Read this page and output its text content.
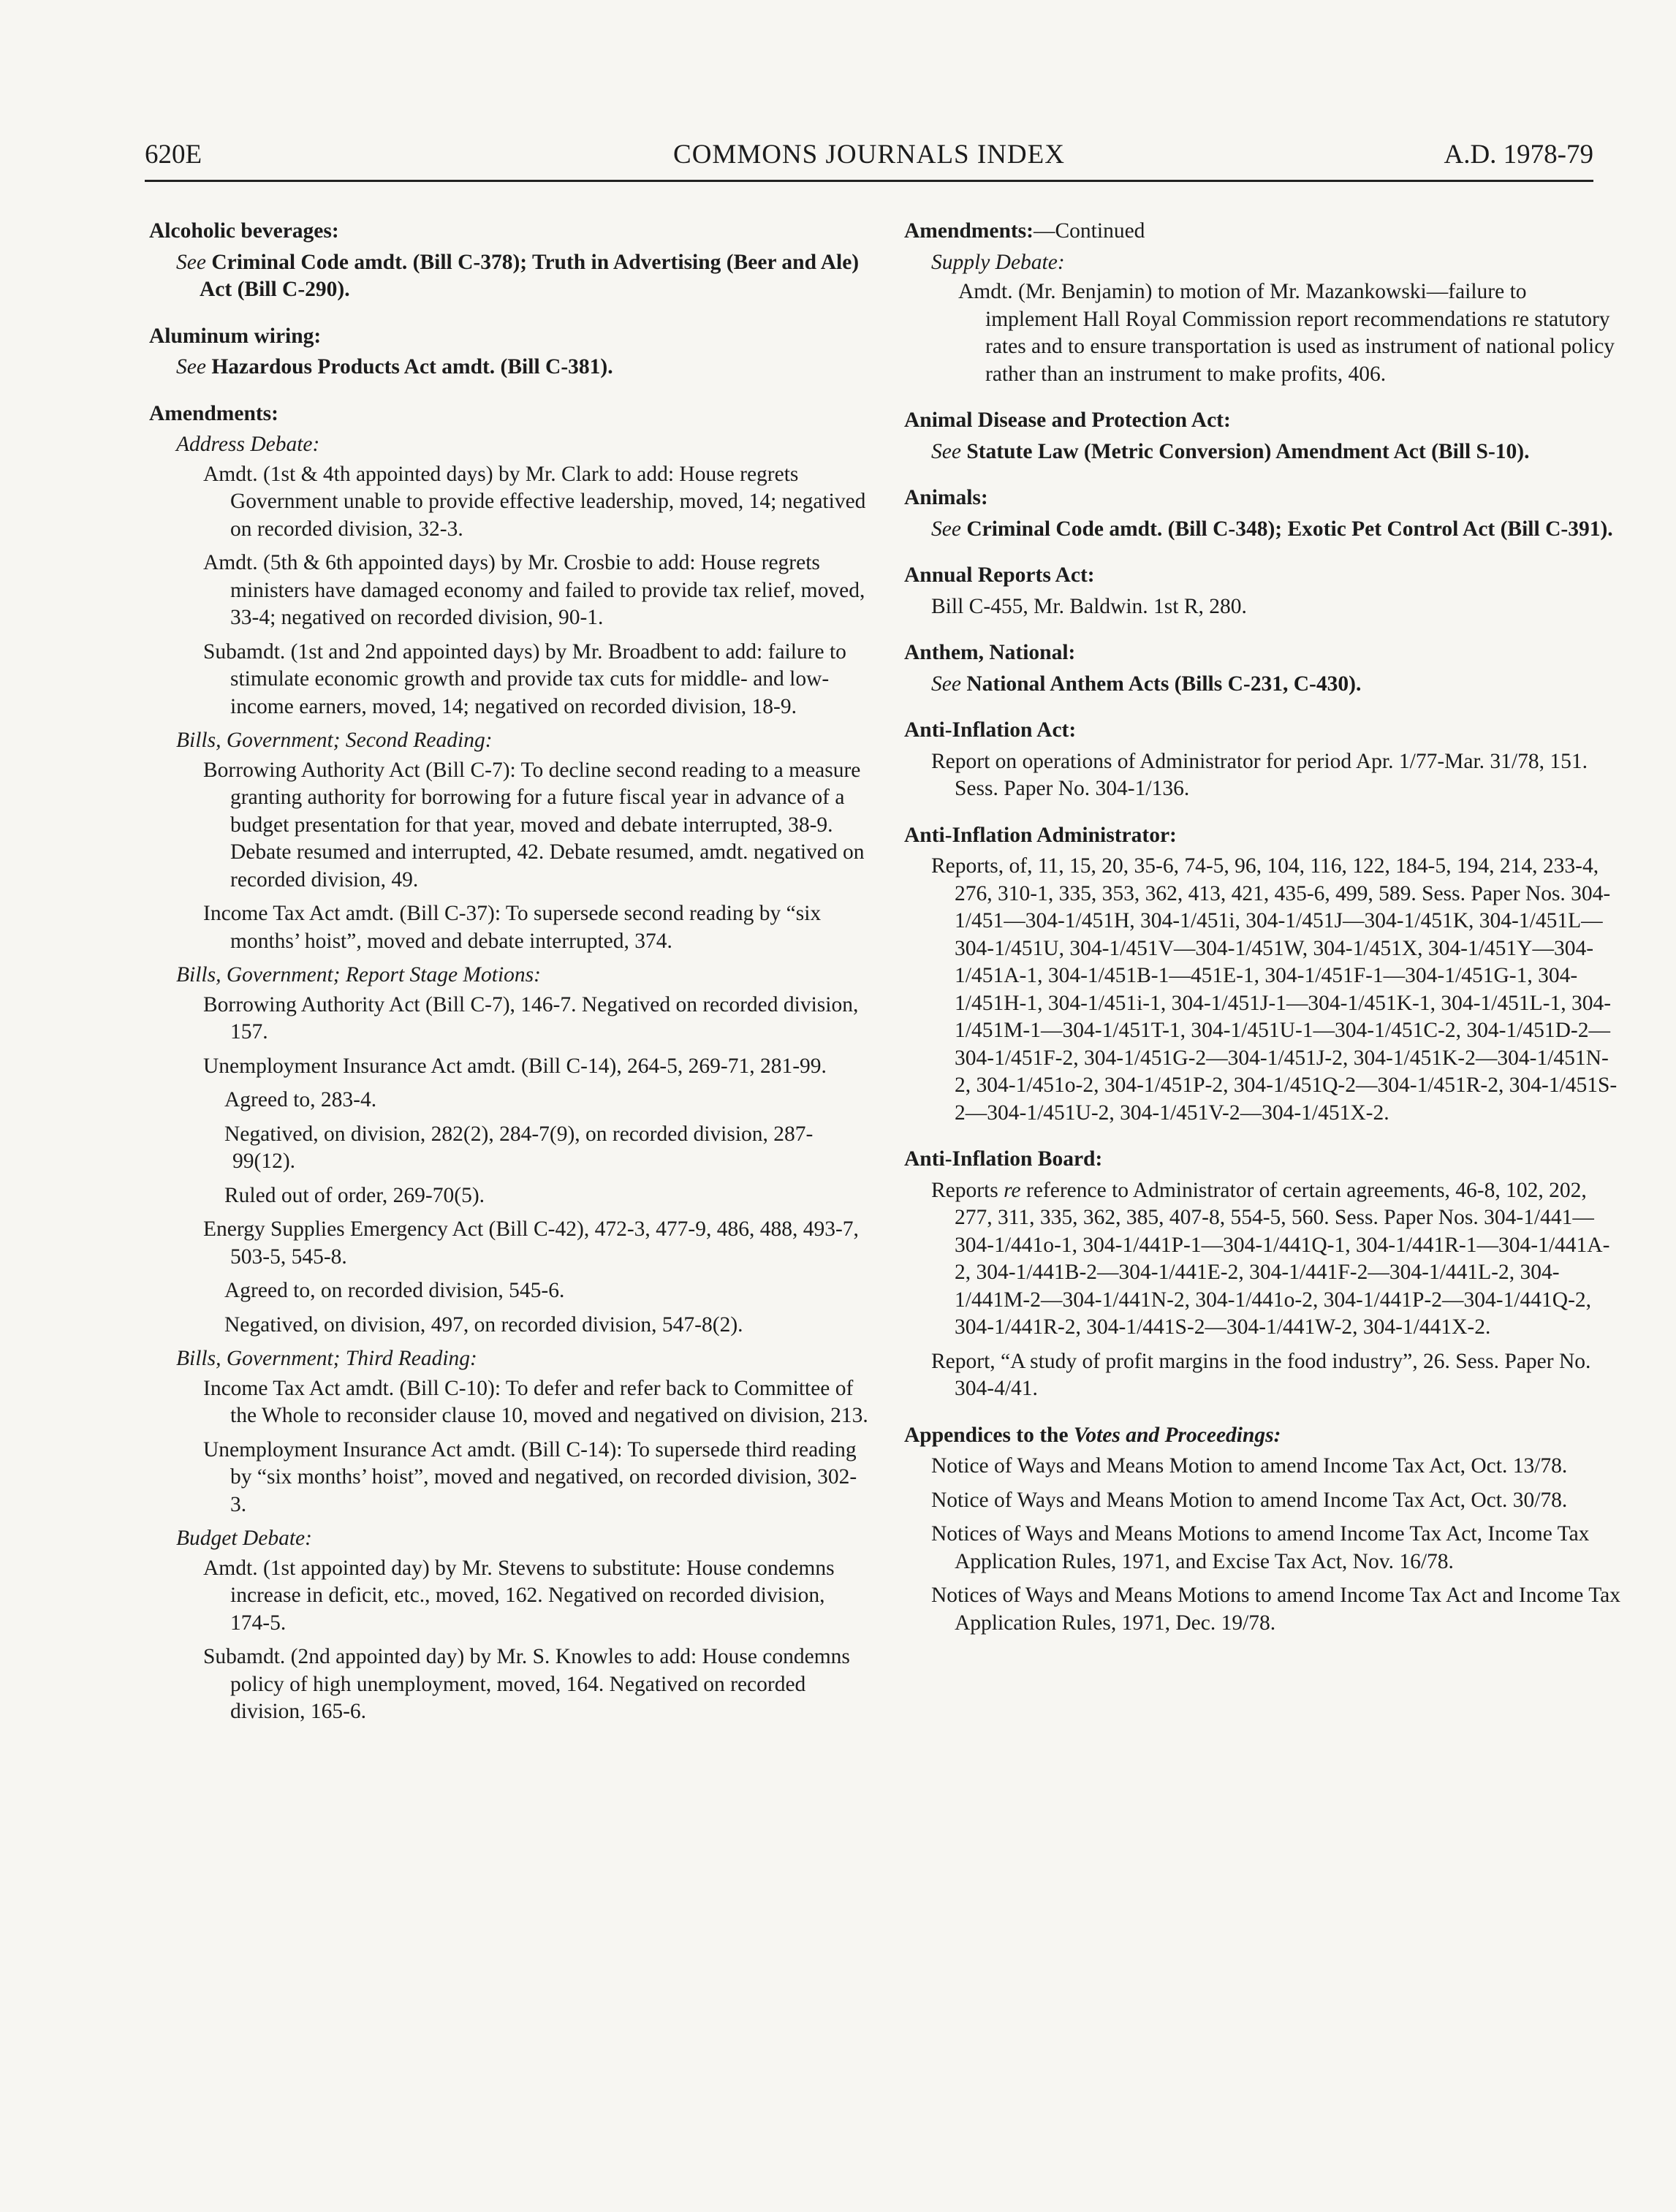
620E	COMMONS JOURNALS INDEX	A.D. 1978-79
Alcoholic beverages:
See Criminal Code amdt. (Bill C-378); Truth in Advertising (Beer and Ale) Act (Bill C-290).
Aluminum wiring:
See Hazardous Products Act amdt. (Bill C-381).
Amendments:
Address Debate:
Amdt. (1st & 4th appointed days) by Mr. Clark to add: House regrets Government unable to provide effective leadership, moved, 14; negatived on recorded division, 32-3.
Amdt. (5th & 6th appointed days) by Mr. Crosbie to add: House regrets ministers have damaged economy and failed to provide tax relief, moved, 33-4; negatived on recorded division, 90-1.
Subamdt. (1st and 2nd appointed days) by Mr. Broadbent to add: failure to stimulate economic growth and provide tax cuts for middle- and low-income earners, moved, 14; negatived on recorded division, 18-9.
Bills, Government; Second Reading:
Borrowing Authority Act (Bill C-7): To decline second reading to a measure granting authority for borrowing for a future fiscal year in advance of a budget presentation for that year, moved and debate interrupted, 38-9. Debate resumed and interrupted, 42. Debate resumed, amdt. negatived on recorded division, 49.
Income Tax Act amdt. (Bill C-37): To supersede second reading by “six months’ hoist”, moved and debate interrupted, 374.
Bills, Government; Report Stage Motions:
Borrowing Authority Act (Bill C-7), 146-7. Negatived on recorded division, 157.
Unemployment Insurance Act amdt. (Bill C-14), 264-5, 269-71, 281-99.
Agreed to, 283-4.
Negatived, on division, 282(2), 284-7(9), on recorded division, 287-99(12).
Ruled out of order, 269-70(5).
Energy Supplies Emergency Act (Bill C-42), 472-3, 477-9, 486, 488, 493-7, 503-5, 545-8.
Agreed to, on recorded division, 545-6.
Negatived, on division, 497, on recorded division, 547-8(2).
Bills, Government; Third Reading:
Income Tax Act amdt. (Bill C-10): To defer and refer back to Committee of the Whole to reconsider clause 10, moved and negatived on division, 213.
Unemployment Insurance Act amdt. (Bill C-14): To supersede third reading by “six months’ hoist”, moved and negatived, on recorded division, 302-3.
Budget Debate:
Amdt. (1st appointed day) by Mr. Stevens to substitute: House condemns increase in deficit, etc., moved, 162. Negatived on recorded division, 174-5.
Subamdt. (2nd appointed day) by Mr. S. Knowles to add: House condemns policy of high unemployment, moved, 164. Negatived on recorded division, 165-6.
Amendments:—Continued
Supply Debate:
Amdt. (Mr. Benjamin) to motion of Mr. Mazankowski—failure to implement Hall Royal Commission report recommendations re statutory rates and to ensure transportation is used as instrument of national policy rather than an instrument to make profits, 406.
Animal Disease and Protection Act:
See Statute Law (Metric Conversion) Amendment Act (Bill S-10).
Animals:
See Criminal Code amdt. (Bill C-348); Exotic Pet Control Act (Bill C-391).
Annual Reports Act:
Bill C-455, Mr. Baldwin. 1st R, 280.
Anthem, National:
See National Anthem Acts (Bills C-231, C-430).
Anti-Inflation Act:
Report on operations of Administrator for period Apr. 1/77-Mar. 31/78, 151. Sess. Paper No. 304-1/136.
Anti-Inflation Administrator:
Reports, of, 11, 15, 20, 35-6, 74-5, 96, 104, 116, 122, 184-5, 194, 214, 233-4, 276, 310-1, 335, 353, 362, 413, 421, 435-6, 499, 589. Sess. Paper Nos. 304-1/451—304-1/451H, 304-1/451i, 304-1/451J—304-1/451K, 304-1/451L—304-1/451U, 304-1/451V—304-1/451W, 304-1/451X, 304-1/451Y—304-1/451A-1, 304-1/451B-1—451E-1, 304-1/451F-1—304-1/451G-1, 304-1/451H-1, 304-1/451i-1, 304-1/451J-1—304-1/451K-1, 304-1/451L-1, 304-1/451M-1—304-1/451T-1, 304-1/451U-1—304-1/451C-2, 304-1/451D-2—304-1/451F-2, 304-1/451G-2—304-1/451J-2, 304-1/451K-2—304-1/451N-2, 304-1/451o-2, 304-1/451P-2, 304-1/451Q-2—304-1/451R-2, 304-1/451S-2—304-1/451U-2, 304-1/451V-2—304-1/451X-2.
Anti-Inflation Board:
Reports re reference to Administrator of certain agreements, 46-8, 102, 202, 277, 311, 335, 362, 385, 407-8, 554-5, 560. Sess. Paper Nos. 304-1/441—304-1/441o-1, 304-1/441P-1—304-1/441Q-1, 304-1/441R-1—304-1/441A-2, 304-1/441B-2—304-1/441E-2, 304-1/441F-2—304-1/441L-2, 304-1/441M-2—304-1/441N-2, 304-1/441o-2, 304-1/441P-2—304-1/441Q-2, 304-1/441R-2, 304-1/441S-2—304-1/441W-2, 304-1/441X-2.
Report, “A study of profit margins in the food industry”, 26. Sess. Paper No. 304-4/41.
Appendices to the Votes and Proceedings:
Notice of Ways and Means Motion to amend Income Tax Act, Oct. 13/78.
Notice of Ways and Means Motion to amend Income Tax Act, Oct. 30/78.
Notices of Ways and Means Motions to amend Income Tax Act, Income Tax Application Rules, 1971, and Excise Tax Act, Nov. 16/78.
Notices of Ways and Means Motions to amend Income Tax Act and Income Tax Application Rules, 1971, Dec. 19/78.
